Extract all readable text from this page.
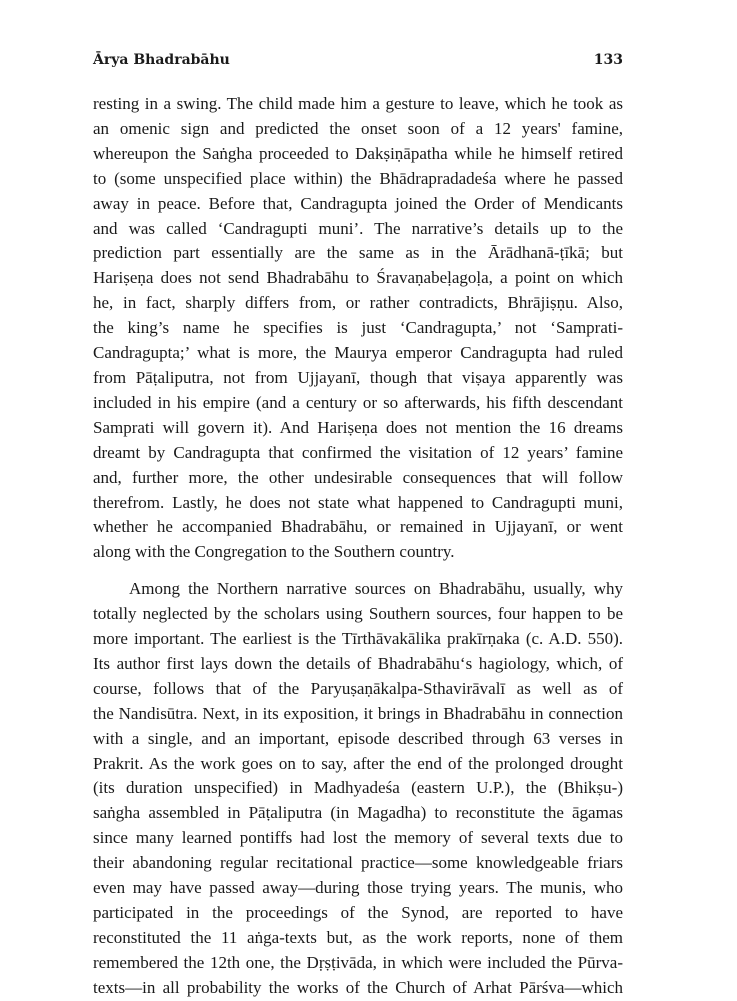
Ārya Bhadrabāhu	133
resting in a swing. The child made him a gesture to leave, which he took as
an omenic sign and predicted the onset soon of a 12 years' famine,
whereupon the Saṅgha proceeded to Dakṣiṇāpatha while he himself retired
to (some unspecified place within) the Bhādrapradadeśa where he passed
away in peace. Before that, Candragupta joined the Order of Mendicants
and was called ‘Candragupti muni’. The narrative’s details up to the
prediction part essentially are the same as in the Ārādhanā-ṭīkā; but
Hariṣeṇa does not send Bhadrabāhu to Śravaṇabeḷagoḷa, a point on which
he, in fact, sharply differs from, or rather contradicts, Bhrājiṣṇu. Also,
the king’s name he specifies is just ‘Candragupta,’ not ‘Samprati-
Candragupta;’ what is more, the Maurya emperor Candragupta had ruled
from Pāṭaliputra, not from Ujjayanī, though that viṣaya apparently was
included in his empire (and a century or so afterwards, his fifth descendant
Samprati will govern it). And Hariṣeṇa does not mention the 16 dreams
dreamt by Candragupta that confirmed the visitation of 12 years’ famine
and, further more, the other undesirable consequences that will follow
therefrom. Lastly, he does not state what happened to Candragupti muni,
whether he accompanied Bhadrabāhu, or remained in Ujjayanī, or went
along with the Congregation to the Southern country.
Among the Northern narrative sources on Bhadrabāhu, usually, why
totally neglected by the scholars using Southern sources, four happen to be
more important. The earliest is the Tīrthāvakālika prakīrṇaka (c. A.D. 550).
Its author first lays down the details of Bhadrabāhu‘s hagiology, which, of
course, follows that of the Paryuṣaṇākalpa-Sthavirāvalī as well as of
the Nandisūtra. Next, in its exposition, it brings in Bhadrabāhu in connection
with a single, and an important, episode described through 63 verses in
Prakrit. As the work goes on to say, after the end of the prolonged drought
(its duration unspecified) in Madhyadeśa (eastern U.P.), the (Bhikṣu-)
saṅgha assembled in Pāṭaliputra (in Magadha) to reconstitute the āgamas
since many learned pontiffs had lost the memory of several texts due to
their abandoning regular recitational practice—some knowledgeable friars
even may have passed away—during those trying years. The munis, who
participated in the proceedings of the Synod, are reported to have
reconstituted the 11 aṅga-texts but, as the work reports, none of them
remembered the 12th one, the Dṛṣṭivāda, in which were included the Pūrva-
texts—in all probability the works of the Church of Arhat Pārśva—which
